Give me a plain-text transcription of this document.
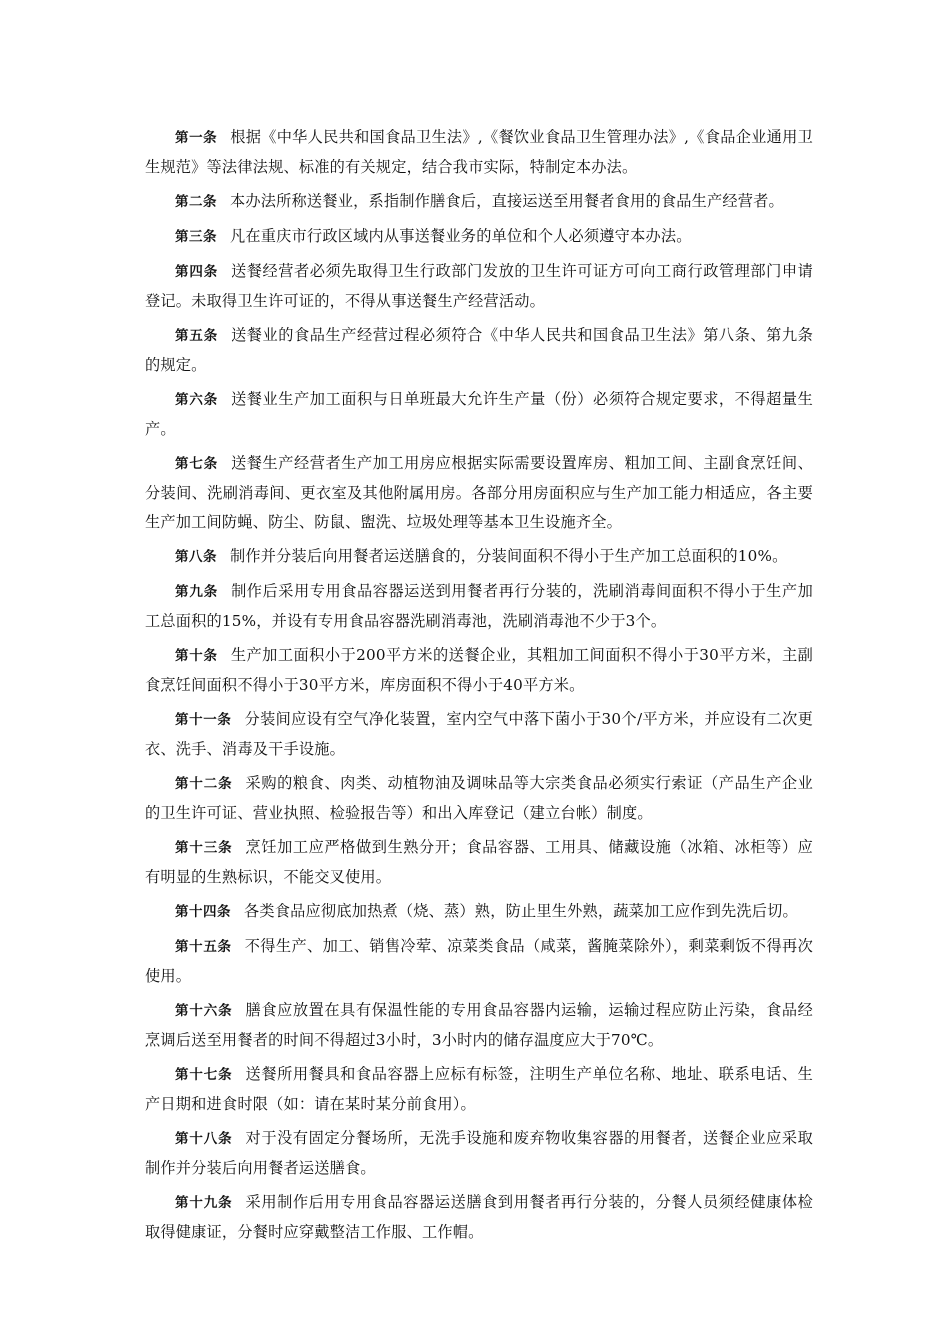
第一条 根据《中华人民共和国食品卫生法》,《餐饮业食品卫生管理办法》,《食品企业通用卫生规范》等法律法规、标准的有关规定，结合我市实际，特制定本办法。

第二条 本办法所称送餐业，系指制作膳食后，直接运送至用餐者食用的食品生产经营者。

第三条 凡在重庆市行政区域内从事送餐业务的单位和个人必须遵守本办法。

第四条 送餐经营者必须先取得卫生行政部门发放的卫生许可证方可向工商行政管理部门申请登记。未取得卫生许可证的，不得从事送餐生产经营活动。

第五条 送餐业的食品生产经营过程必须符合《中华人民共和国食品卫生法》第八条、第九条的规定。

第六条 送餐业生产加工面积与日单班最大允许生产量（份）必须符合规定要求，不得超量生产。

第七条 送餐生产经营者生产加工用房应根据实际需要设置库房、粗加工间、主副食烹饪间、分装间、洗刷消毒间、更衣室及其他附属用房。各部分用房面积应与生产加工能力相适应，各主要生产加工间防蝇、防尘、防鼠、盥洗、垃圾处理等基本卫生设施齐全。

第八条 制作并分装后向用餐者运送膳食的，分装间面积不得小于生产加工总面积的10%。

第九条 制作后采用专用食品容器运送到用餐者再行分装的，洗刷消毒间面积不得小于生产加工总面积的15%，并设有专用食品容器洗刷消毒池，洗刷消毒池不少于3个。

第十条 生产加工面积小于200平方米的送餐企业，其粗加工间面积不得小于30平方米，主副食烹饪间面积不得小于30平方米，库房面积不得小于40平方米。

第十一条 分装间应设有空气净化装置，室内空气中落下菌小于30个/平方米，并应设有二次更衣、洗手、消毒及干手设施。

第十二条 采购的粮食、肉类、动植物油及调味品等大宗类食品必须实行索证（产品生产企业的卫生许可证、营业执照、检验报告等）和出入库登记（建立台帐）制度。

第十三条 烹饪加工应严格做到生熟分开；食品容器、工用具、储藏设施（冰箱、冰柜等）应有明显的生熟标识，不能交叉使用。

第十四条 各类食品应彻底加热煮（烧、蒸）熟，防止里生外熟，蔬菜加工应作到先洗后切。

第十五条 不得生产、加工、销售冷荤、凉菜类食品（咸菜，酱腌菜除外），剩菜剩饭不得再次使用。

第十六条 膳食应放置在具有保温性能的专用食品容器内运输，运输过程应防止污染，食品经烹调后送至用餐者的时间不得超过3小时，3小时内的储存温度应大于70℃。

第十七条 送餐所用餐具和食品容器上应标有标签，注明生产单位名称、地址、联系电话、生产日期和进食时限（如：请在某时某分前食用）。

第十八条 对于没有固定分餐场所，无洗手设施和废弃物收集容器的用餐者，送餐企业应采取制作并分装后向用餐者运送膳食。

第十九条 采用制作后用专用食品容器运送膳食到用餐者再行分装的，分餐人员须经健康体检取得健康证，分餐时应穿戴整洁工作服、工作帽。
